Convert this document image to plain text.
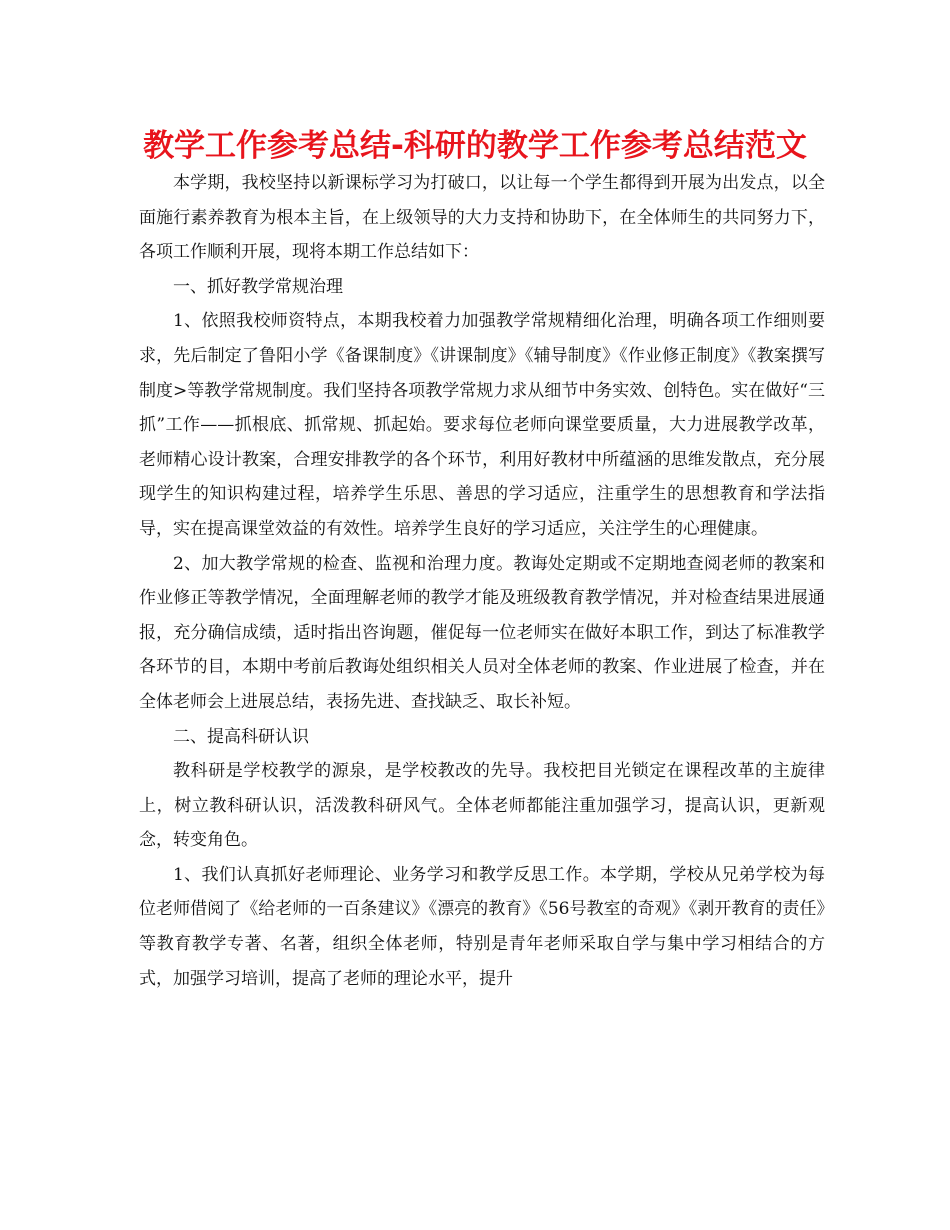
教学工作参考总结-科研的教学工作参考总结范文

本学期，我校坚持以新课标学习为打破口，以让每一个学生都得到开展为出发点，以全面施行素养教育为根本主旨，在上级领导的大力支持和协助下，在全体师生的共同努力下，各项工作顺利开展，现将本期工作总结如下：

一、抓好教学常规治理

1、依照我校师资特点，本期我校着力加强教学常规精细化治理，明确各项工作细则要求，先后制定了鲁阳小学《备课制度》《讲课制度》《辅导制度》《作业修正制度》《教案撰写制度>等教学常规制度。我们坚持各项教学常规力求从细节中务实效、创特色。实在做好“三抓”工作——抓根底、抓常规、抓起始。要求每位老师向课堂要质量，大力进展教学改革，老师精心设计教案，合理安排教学的各个环节，利用好教材中所蕴涵的思维发散点，充分展现学生的知识构建过程，培养学生乐思、善思的学习适应，注重学生的思想教育和学法指导，实在提高课堂效益的有效性。培养学生良好的学习适应，关注学生的心理健康。

2、加大教学常规的检查、监视和治理力度。教诲处定期或不定期地查阅老师的教案和作业修正等教学情况，全面理解老师的教学才能及班级教育教学情况，并对检查结果进展通报，充分确信成绩，适时指出咨询题，催促每一位老师实在做好本职工作，到达了标准教学各环节的目，本期中考前后教诲处组织相关人员对全体老师的教案、作业进展了检查，并在全体老师会上进展总结，表扬先进、查找缺乏、取长补短。

二、提高科研认识

教科研是学校教学的源泉，是学校教改的先导。我校把目光锁定在课程改革的主旋律上，树立教科研认识，活泼教科研风气。全体老师都能注重加强学习，提高认识，更新观念，转变角色。

1、我们认真抓好老师理论、业务学习和教学反思工作。本学期，学校从兄弟学校为每位老师借阅了《给老师的一百条建议》《漂亮的教育》《56号教室的奇观》《剥开教育的责任》等教育教学专著、名著，组织全体老师，特别是青年老师采取自学与集中学习相结合的方式，加强学习培训，提高了老师的理论水平，提升
